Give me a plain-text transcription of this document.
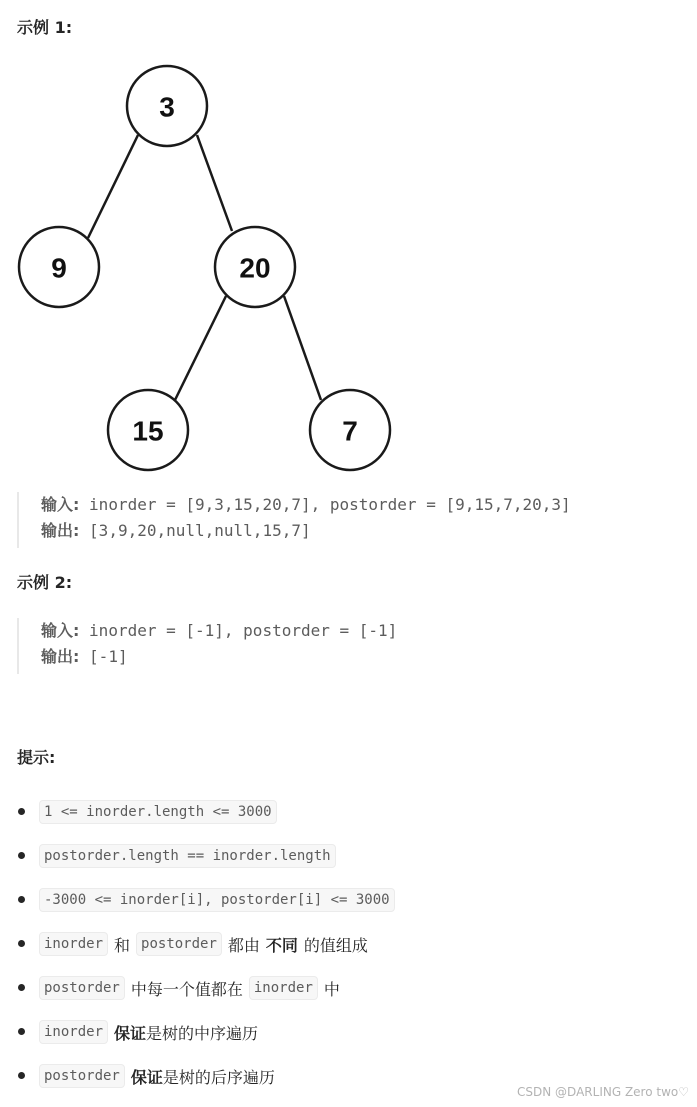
示例 1:
3
9	20
15	7
输入: inorder = [9,3,15,20,7], postorder = [9,15,7,20,3]
输出: [3,9,20,null,null,15,7]
示例 2:
输入: inorder = [-1], postorder = [-1]
输出: [-1]
提示:
1 <= inorder.length <= 3000
postorder.length == inorder.length
-3000 <= inorder[i], postorder[i] <= 3000
inorder 和 postorder 都由 不同 的值组成
postorder 中每一个值都在 inorder 中
inorder 保证 是树的中序遍历
postorder 保证 是树的后序遍历
CSDN @DARLING Zero two♡
